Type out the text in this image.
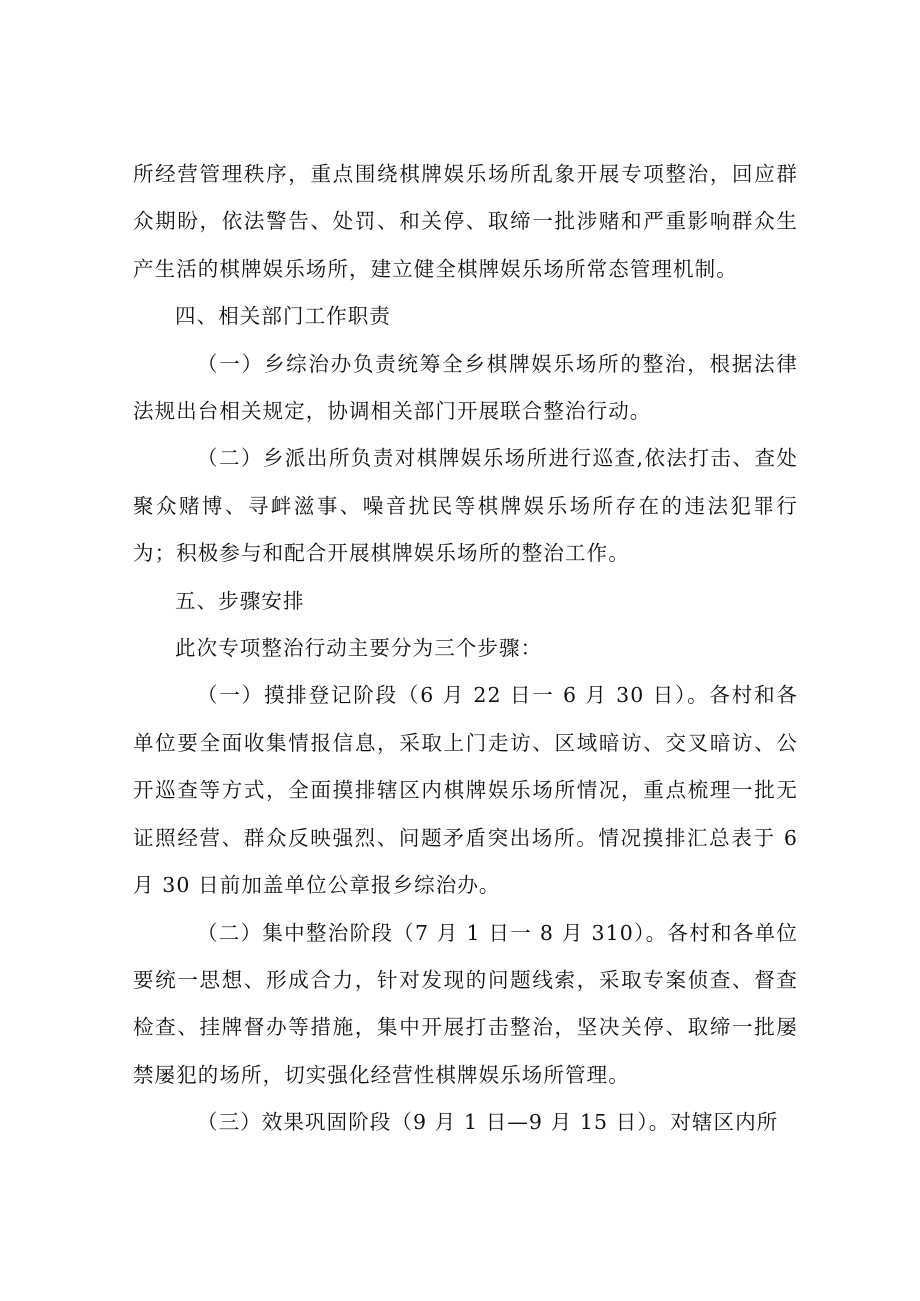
所经营管理秩序，重点围绕棋牌娱乐场所乱象开展专项整治，回应群众期盼，依法警告、处罚、和关停、取缔一批涉赌和严重影响群众生产生活的棋牌娱乐场所，建立健全棋牌娱乐场所常态管理机制。

四、相关部门工作职责

（一）乡综治办负责统筹全乡棋牌娱乐场所的整治，根据法律法规出台相关规定，协调相关部门开展联合整治行动。

（二）乡派出所负责对棋牌娱乐场所进行巡查,依法打击、查处聚众赌博、寻衅滋事、噪音扰民等棋牌娱乐场所存在的违法犯罪行为；积极参与和配合开展棋牌娱乐场所的整治工作。

五、步骤安排

此次专项整治行动主要分为三个步骤：

（一）摸排登记阶段（6 月 22 日一 6 月 30 日）。各村和各单位要全面收集情报信息，采取上门走访、区域暗访、交叉暗访、公开巡查等方式，全面摸排辖区内棋牌娱乐场所情况，重点梳理一批无证照经营、群众反映强烈、问题矛盾突出场所。情况摸排汇总表于 6 月 30 日前加盖单位公章报乡综治办。

（二）集中整治阶段（7 月 1 日一 8 月 310）。各村和各单位要统一思想、形成合力，针对发现的问题线索，采取专案侦查、督查检查、挂牌督办等措施，集中开展打击整治，坚决关停、取缔一批屡禁屡犯的场所，切实强化经营性棋牌娱乐场所管理。

（三）效果巩固阶段（9 月 1 日—9 月 15 日）。对辖区内所
